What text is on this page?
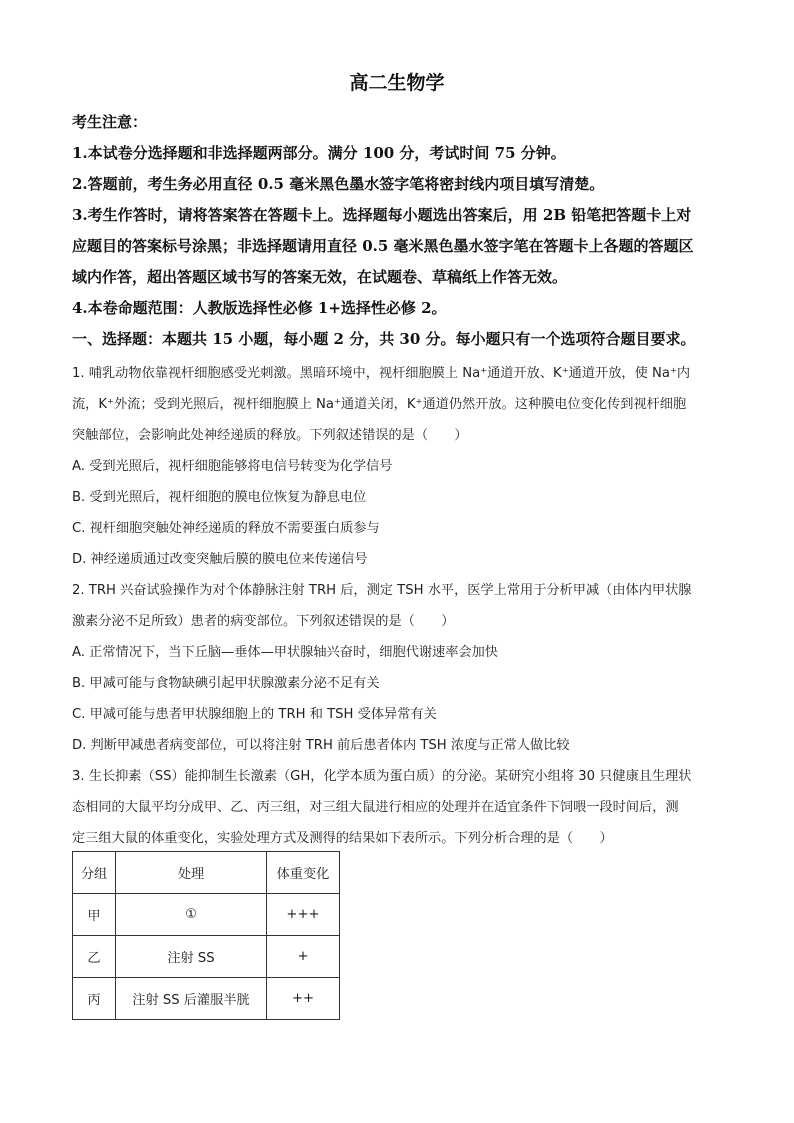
高二生物学
考生注意：
1.本试卷分选择题和非选择题两部分。满分 100 分，考试时间 75 分钟。
2.答题前，考生务必用直径 0.5 毫米黑色墨水签字笔将密封线内项目填写清楚。
3.考生作答时，请将答案答在答题卡上。选择题每小题选出答案后，用 2B 铅笔把答题卡上对
应题目的答案标号涂黑；非选择题请用直径 0.5 毫米黑色墨水签字笔在答题卡上各题的答题区
域内作答，超出答题区域书写的答案无效，在试题卷、草稿纸上作答无效。
4.本卷命题范围：人教版选择性必修 1+选择性必修 2。
一、选择题：本题共 15 小题，每小题 2 分，共 30 分。每小题只有一个选项符合题目要求。
1. 哺乳动物依靠视杆细胞感受光刺激。黑暗环境中，视杆细胞膜上 Na⁺通道开放、K⁺通道开放，使 Na⁺内
流，K⁺外流；受到光照后，视杆细胞膜上 Na⁺通道关闭，K⁺通道仍然开放。这种膜电位变化传到视杆细胞
突触部位，会影响此处神经递质的释放。下列叙述错误的是（　　）
A. 受到光照后，视杆细胞能够将电信号转变为化学信号
B. 受到光照后，视杆细胞的膜电位恢复为静息电位
C. 视杆细胞突触处神经递质的释放不需要蛋白质参与
D. 神经递质通过改变突触后膜的膜电位来传递信号
2. TRH 兴奋试验操作为对个体静脉注射 TRH 后，测定 TSH 水平，医学上常用于分析甲减（由体内甲状腺
激素分泌不足所致）患者的病变部位。下列叙述错误的是（　　）
A. 正常情况下，当下丘脑—垂体—甲状腺轴兴奋时，细胞代谢速率会加快
B. 甲减可能与食物缺碘引起甲状腺激素分泌不足有关
C. 甲减可能与患者甲状腺细胞上的 TRH 和 TSH 受体异常有关
D. 判断甲减患者病变部位，可以将注射 TRH 前后患者体内 TSH 浓度与正常人做比较
3. 生长抑素（SS）能抑制生长激素（GH，化学本质为蛋白质）的分泌。某研究小组将 30 只健康且生理状
态相同的大鼠平均分成甲、乙、丙三组，对三组大鼠进行相应的处理并在适宜条件下饲喂一段时间后，测
定三组大鼠的体重变化，实验处理方式及测得的结果如下表所示。下列分析合理的是（　　）
分组	处理	体重变化
甲	①	+++
乙	注射 SS	+
丙	注射 SS 后灌服半胱	++
